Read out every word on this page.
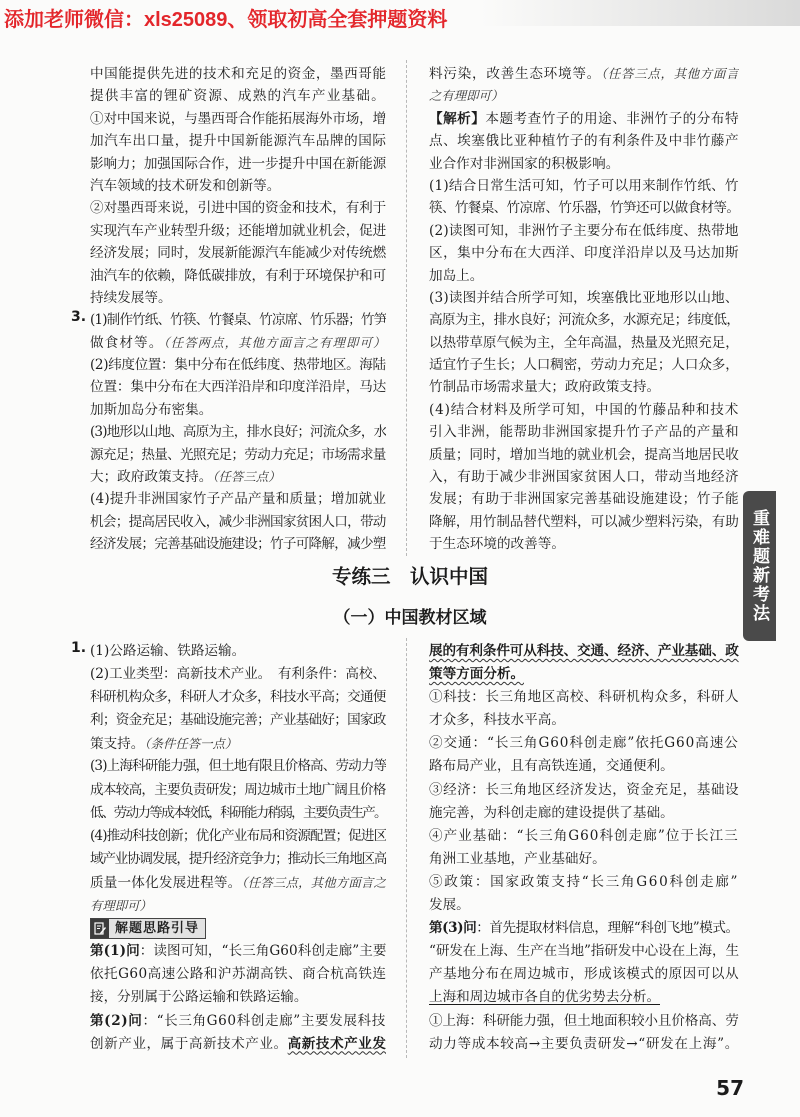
添加老师微信：xls25089、领取初高全套押题资料
中国能提供先进的技术和充足的资金，墨西哥能
提供丰富的锂矿资源、成熟的汽车产业基础。
①对中国来说，与墨西哥合作能拓展海外市场，增
加汽车出口量，提升中国新能源汽车品牌的国际
影响力；加强国际合作，进一步提升中国在新能源
汽车领域的技术研发和创新等。
②对墨西哥来说，引进中国的资金和技术，有利于
实现汽车产业转型升级；还能增加就业机会，促进
经济发展；同时，发展新能源汽车能减少对传统燃
油汽车的依赖，降低碳排放，有利于环境保护和可
持续发展等。
3. (1)制作竹纸、竹筷、竹餐桌、竹凉席、竹乐器；竹笋
做食材等。（任答两点，其他方面言之有理即可）
(2)纬度位置：集中分布在低纬度、热带地区。海陆
位置：集中分布在大西洋沿岸和印度洋沿岸，马达
加斯加岛分布密集。
(3)地形以山地、高原为主，排水良好；河流众多，水
源充足；热量、光照充足；劳动力充足；市场需求量
大；政府政策支持。（任答三点）
(4)提升非洲国家竹子产品产量和质量；增加就业
机会；提高居民收入，减少非洲国家贫困人口，带动
经济发展；完善基础设施建设；竹子可降解，减少塑
料污染，改善生态环境等。（任答三点，其他方面言
之有理即可）
【解析】本题考查竹子的用途、非洲竹子的分布特
点、埃塞俄比亚种植竹子的有利条件及中非竹藤产
业合作对非洲国家的积极影响。
(1)结合日常生活可知，竹子可以用来制作竹纸、竹
筷、竹餐桌、竹凉席、竹乐器，竹笋还可以做食材等。
(2)读图可知，非洲竹子主要分布在低纬度、热带地
区，集中分布在大西洋、印度洋沿岸以及马达加斯
加岛上。
(3)读图并结合所学可知，埃塞俄比亚地形以山地、
高原为主，排水良好；河流众多，水源充足；纬度低，
以热带草原气候为主，全年高温，热量及光照充足，
适宜竹子生长；人口稠密，劳动力充足；人口众多，
竹制品市场需求量大；政府政策支持。
(4)结合材料及所学可知，中国的竹藤品种和技术
引入非洲，能帮助非洲国家提升竹子产品的产量和
质量；同时，增加当地的就业机会，提高当地居民收
入，有助于减少非洲国家贫困人口，带动当地经济
发展；有助于非洲国家完善基础设施建设；竹子能
降解，用竹制品替代塑料，可以减少塑料污染，有助
于生态环境的改善等。	重难题新考法
专练三　认识中国
（一）中国教材区域
1. (1)公路运输、铁路运输。
(2)工业类型：高新技术产业。　有利条件：高校、
科研机构众多，科研人才众多，科技水平高；交通便
利；资金充足；基础设施完善；产业基础好；国家政
策支持。（条件任答一点）
(3)上海科研能力强，但土地有限且价格高、劳动力等
成本较高，主要负责研发；周边城市土地广阔且价格
低、劳动力等成本较低，科研能力稍弱，主要负责生产。
(4)推动科技创新；优化产业布局和资源配置；促进区
域产业协调发展，提升经济竞争力；推动长三角地区高
质量一体化发展进程等。（任答三点，其他方面言之
有理即可）
解题思路引导
第(1)问：读图可知，“长三角G60科创走廊”主要
依托G60高速公路和沪苏湖高铁、商合杭高铁连
接，分别属于公路运输和铁路运输。
第(2)问：“长三角G60科创走廊”主要发展科技
创新产业，属于高新技术产业。高新技术产业发
展的有利条件可从科技、交通、经济、产业基础、政
策等方面分析。
①科技：长三角地区高校、科研机构众多，科研人
才众多，科技水平高。
②交通：“长三角G60科创走廊”依托G60高速公
路布局产业，且有高铁连通，交通便利。
③经济：长三角地区经济发达，资金充足，基础设
施完善，为科创走廊的建设提供了基础。
④产业基础：“长三角G60科创走廊”位于长江三
角洲工业基地，产业基础好。
⑤政策：国家政策支持“长三角G60科创走廊”
发展。
第(3)问：首先提取材料信息，理解“科创飞地”模式。
“研发在上海、生产在当地”指研发中心设在上海，生
产基地分布在周边城市，形成该模式的原因可以从
上海和周边城市各自的优劣势去分析。
①上海：科研能力强，但土地面积较小且价格高、劳
动力等成本较高→主要负责研发→“研发在上海”。
57
